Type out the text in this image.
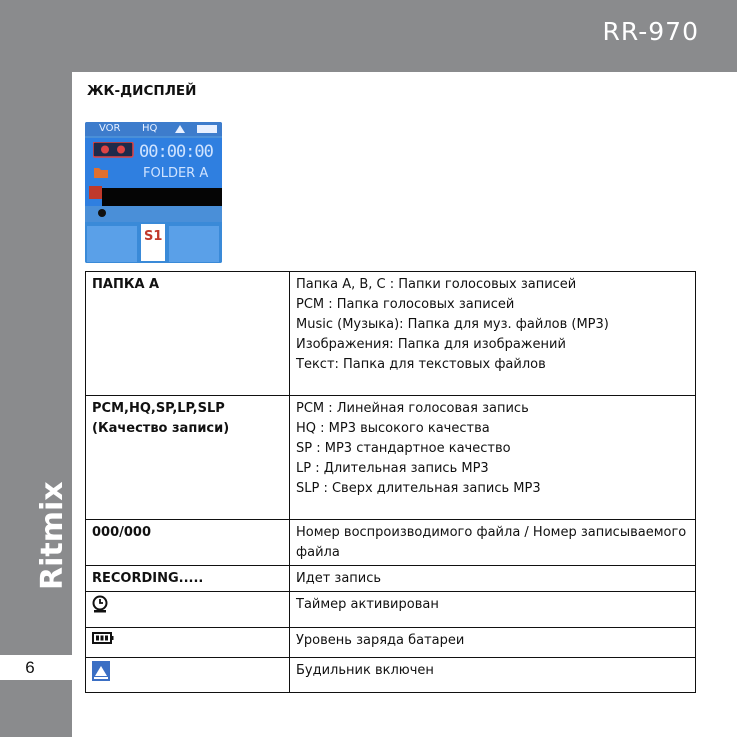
RR-970
Ritmix
6
ЖК-ДИСПЛЕЙ
VOR HQ
00:00:00
FOLDER A
S1
ПАПКА А	Папка A, B, C : Папки голосовых записей
PCM : Папка голосовых записей
Music (Музыка): Папка для муз. файлов (MP3)
Изображения: Папка для изображений
Текст: Папка для текстовых файлов

PCM,HQ,SP,LP,SLP
(Качество записи)	PCM : Линейная голосовая запись
HQ : MP3 высокого качества
SP : MP3 стандартное качество
LP : Длительная запись MP3
SLP : Сверх длительная запись MP3

000/000	Номер воспроизводимого файла / Номер записываемого файла
RECORDING.....	Идет запись
	Таймер активирован
	Уровень заряда батареи
	Будильник включен
